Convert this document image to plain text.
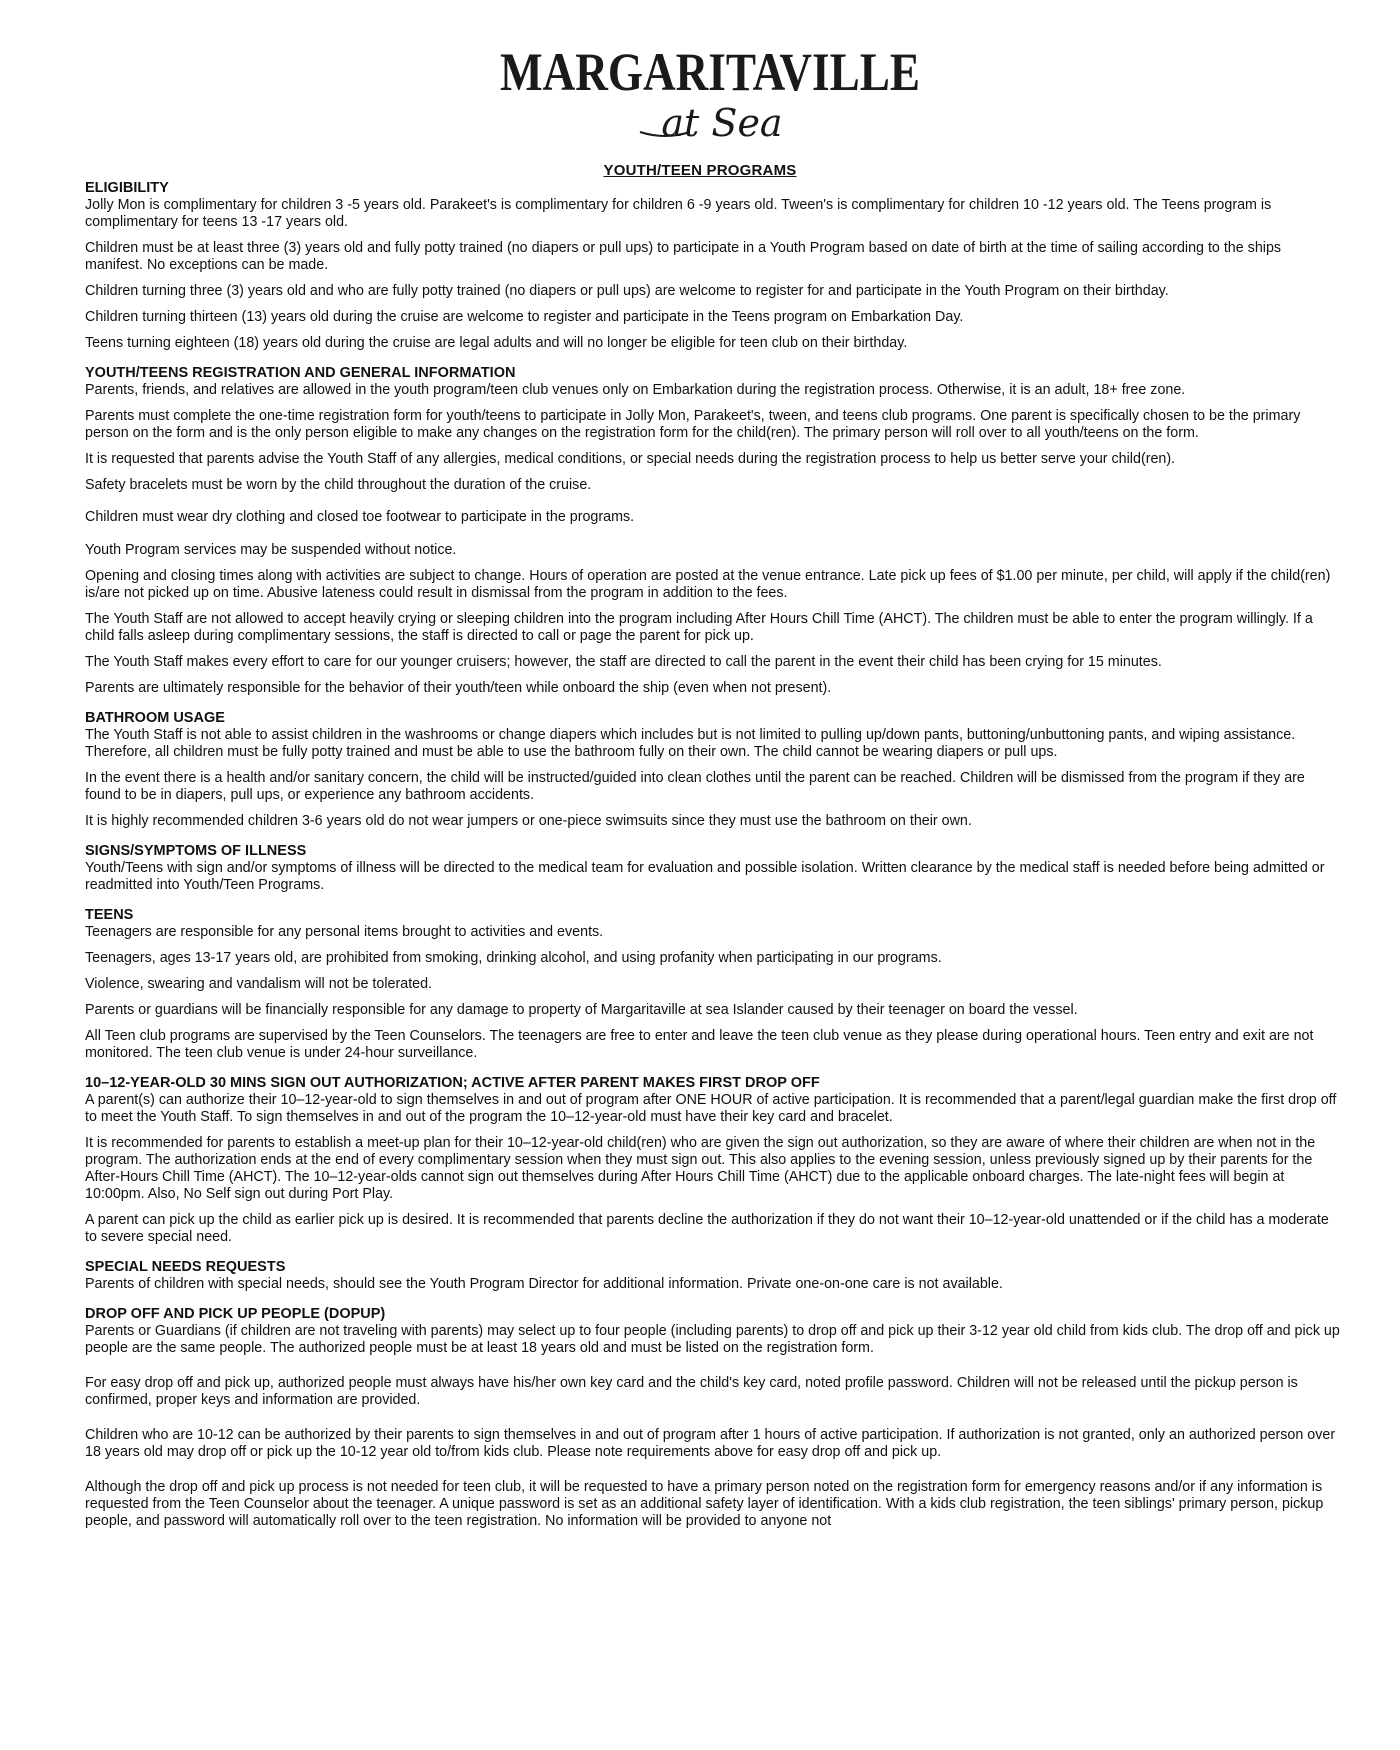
MARGARITAVILLE
at Sea
YOUTH/TEEN PROGRAMS
ELIGIBILITY

Jolly Mon is complimentary for children 3 -5 years old. Parakeet's is complimentary for children 6 -9 years old. Tween's is complimentary for children 10 -12 years old. The Teens program is complimentary for teens 13 -17 years old.

Children must be at least three (3) years old and fully potty trained (no diapers or pull ups) to participate in a Youth Program based on date of birth at the time of sailing according to the ships manifest. No exceptions can be made.

Children turning three (3) years old and who are fully potty trained (no diapers or pull ups) are welcome to register for and participate in the Youth Program on their birthday.

Children turning thirteen (13) years old during the cruise are welcome to register and participate in the Teens program on Embarkation Day.

Teens turning eighteen (18) years old during the cruise are legal adults and will no longer be eligible for teen club on their birthday.

YOUTH/TEENS REGISTRATION AND GENERAL INFORMATION

Parents, friends, and relatives are allowed in the youth program/teen club venues only on Embarkation during the registration process. Otherwise, it is an adult, 18+ free zone.

Parents must complete the one-time registration form for youth/teens to participate in Jolly Mon, Parakeet's, tween, and teens club programs. One parent is specifically chosen to be the primary person on the form and is the only person eligible to make any changes on the registration form for the child(ren). The primary person will roll over to all youth/teens on the form.

It is requested that parents advise the Youth Staff of any allergies, medical conditions, or special needs during the registration process to help us better serve your child(ren).

Safety bracelets must be worn by the child throughout the duration of the cruise.

Children must wear dry clothing and closed toe footwear to participate in the programs.

Youth Program services may be suspended without notice.

Opening and closing times along with activities are subject to change. Hours of operation are posted at the venue entrance. Late pick up fees of $1.00 per minute, per child, will apply if the child(ren) is/are not picked up on time. Abusive lateness could result in dismissal from the program in addition to the fees.

The Youth Staff are not allowed to accept heavily crying or sleeping children into the program including After Hours Chill Time (AHCT). The children must be able to enter the program willingly. If a child falls asleep during complimentary sessions, the staff is directed to call or page the parent for pick up.

The Youth Staff makes every effort to care for our younger cruisers; however, the staff are directed to call the parent in the event their child has been crying for 15 minutes.

Parents are ultimately responsible for the behavior of their youth/teen while onboard the ship (even when not present).

BATHROOM USAGE

The Youth Staff is not able to assist children in the washrooms or change diapers which includes but is not limited to pulling up/down pants, buttoning/unbuttoning pants, and wiping assistance. Therefore, all children must be fully potty trained and must be able to use the bathroom fully on their own. The child cannot be wearing diapers or pull ups.

In the event there is a health and/or sanitary concern, the child will be instructed/guided into clean clothes until the parent can be reached. Children will be dismissed from the program if they are found to be in diapers, pull ups, or experience any bathroom accidents.

It is highly recommended children 3-6 years old do not wear jumpers or one-piece swimsuits since they must use the bathroom on their own.

SIGNS/SYMPTOMS OF ILLNESS

Youth/Teens with sign and/or symptoms of illness will be directed to the medical team for evaluation and possible isolation. Written clearance by the medical staff is needed before being admitted or readmitted into Youth/Teen Programs.

TEENS

Teenagers are responsible for any personal items brought to activities and events.

Teenagers, ages 13-17 years old, are prohibited from smoking, drinking alcohol, and using profanity when participating in our programs.

Violence, swearing and vandalism will not be tolerated.

Parents or guardians will be financially responsible for any damage to property of Margaritaville at sea Islander caused by their teenager on board the vessel.

All Teen club programs are supervised by the Teen Counselors. The teenagers are free to enter and leave the teen club venue as they please during operational hours. Teen entry and exit are not monitored. The teen club venue is under 24-hour surveillance.

10–12-YEAR-OLD 30 MINS SIGN OUT AUTHORIZATION; ACTIVE AFTER PARENT MAKES FIRST DROP OFF

A parent(s) can authorize their 10–12-year-old to sign themselves in and out of program after ONE HOUR of active participation. It is recommended that a parent/legal guardian make the first drop off to meet the Youth Staff. To sign themselves in and out of the program the 10–12-year-old must have their key card and bracelet.

It is recommended for parents to establish a meet-up plan for their 10–12-year-old child(ren) who are given the sign out authorization, so they are aware of where their children are when not in the program. The authorization ends at the end of every complimentary session when they must sign out. This also applies to the evening session, unless previously signed up by their parents for the After-Hours Chill Time (AHCT). The 10–12-year-olds cannot sign out themselves during After Hours Chill Time (AHCT) due to the applicable onboard charges. The late-night fees will begin at 10:00pm. Also, No Self sign out during Port Play.

A parent can pick up the child as earlier pick up is desired. It is recommended that parents decline the authorization if they do not want their 10–12-year-old unattended or if the child has a moderate to severe special need.

SPECIAL NEEDS REQUESTS

Parents of children with special needs, should see the Youth Program Director for additional information. Private one-on-one care is not available.

DROP OFF AND PICK UP PEOPLE (DOPUP)

Parents or Guardians (if children are not traveling with parents) may select up to four people (including parents) to drop off and pick up their 3-12 year old child from kids club. The drop off and pick up people are the same people. The authorized people must be at least 18 years old and must be listed on the registration form.

For easy drop off and pick up, authorized people must always have his/her own key card and the child's key card, noted profile password. Children will not be released until the pickup person is confirmed, proper keys and information are provided.

Children who are 10-12 can be authorized by their parents to sign themselves in and out of program after 1 hours of active participation. If authorization is not granted, only an authorized person over 18 years old may drop off or pick up the 10-12 year old to/from kids club. Please note requirements above for easy drop off and pick up.

Although the drop off and pick up process is not needed for teen club, it will be requested to have a primary person noted on the registration form for emergency reasons and/or if any information is requested from the Teen Counselor about the teenager. A unique password is set as an additional safety layer of identification. With a kids club registration, the teen siblings' primary person, pickup people, and password will automatically roll over to the teen registration. No information will be provided to anyone not
